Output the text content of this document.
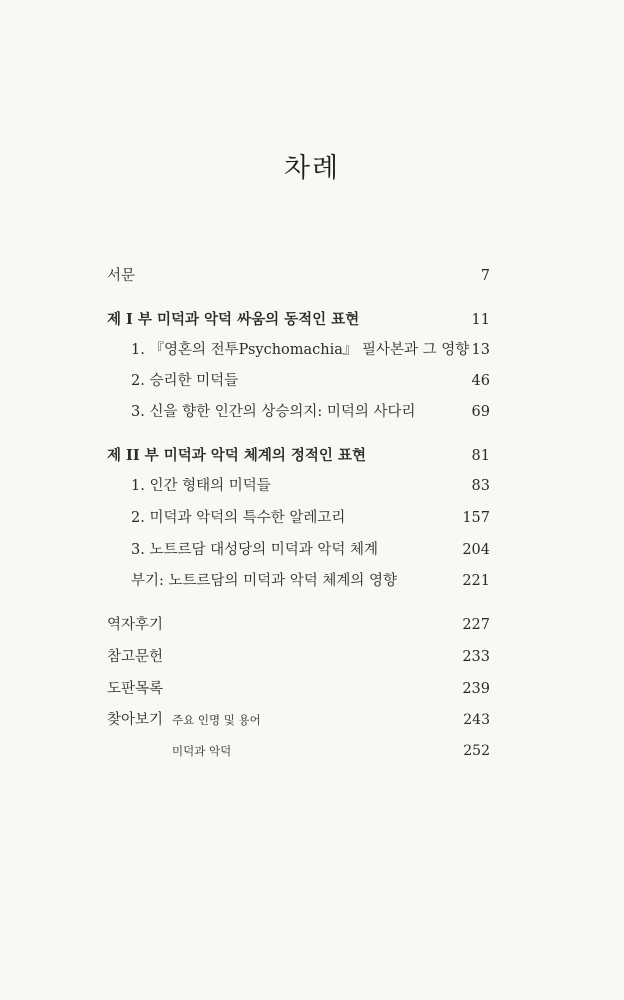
차례
서문	7
제 I 부 미덕과 악덕 싸움의 동적인 표현	11
1. 『영혼의 전투Psychomachia』 필사본과 그 영향 13
2. 승리한 미덕들	46
3. 신을 향한 인간의 상승의지: 미덕의 사다리	69
제 II 부 미덕과 악덕 체계의 정적인 표현	81
1. 인간 형태의 미덕들	83
2. 미덕과 악덕의 특수한 알레고리	157
3. 노트르담 대성당의 미덕과 악덕 체계	204
부기: 노트르담의 미덕과 악덕 체계의 영향	221
역자후기	227
참고문헌	233
도판목록	239
찾아보기 주요 인명 및 용어	243
미덕과 악덕	252
